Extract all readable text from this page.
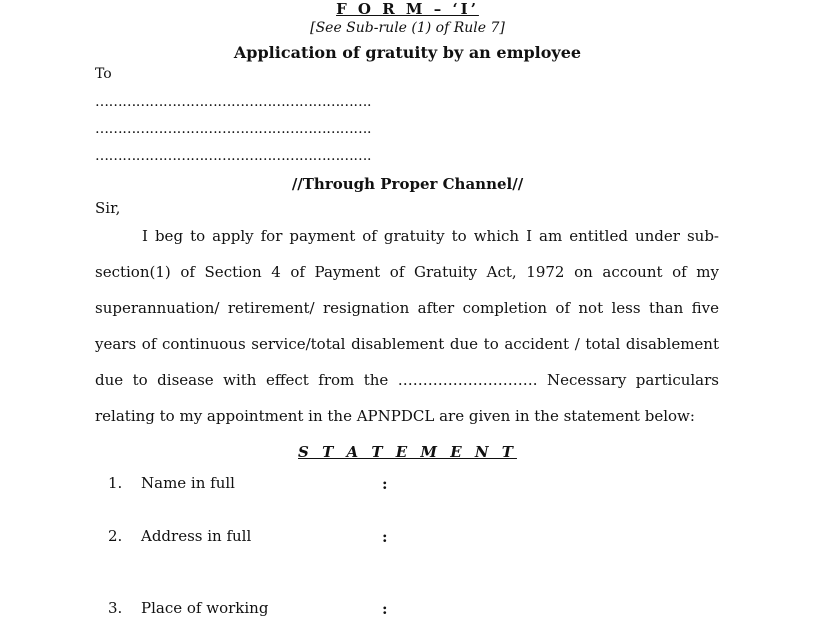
F O R M – ‘I’
[See Sub-rule (1) of Rule 7]
Application of gratuity by an employee
To
…………………………………………………….
…………………………………………………….
…………………………………………………….
//Through Proper Channel//
Sir,
I beg to apply for payment of gratuity to which I am entitled under sub-
section(1) of Section 4 of Payment of Gratuity Act, 1972 on account of my
superannuation/ retirement/ resignation after completion of not less than five
years of continuous service/total disablement due to accident / total disablement
due to disease with effect from the ………………………. Necessary particulars
relating to my appointment in the APNPDCL are given in the statement below:
S T A T E M E N T
1. Name in full	:
2. Address in full	:
3. Place of working	:
